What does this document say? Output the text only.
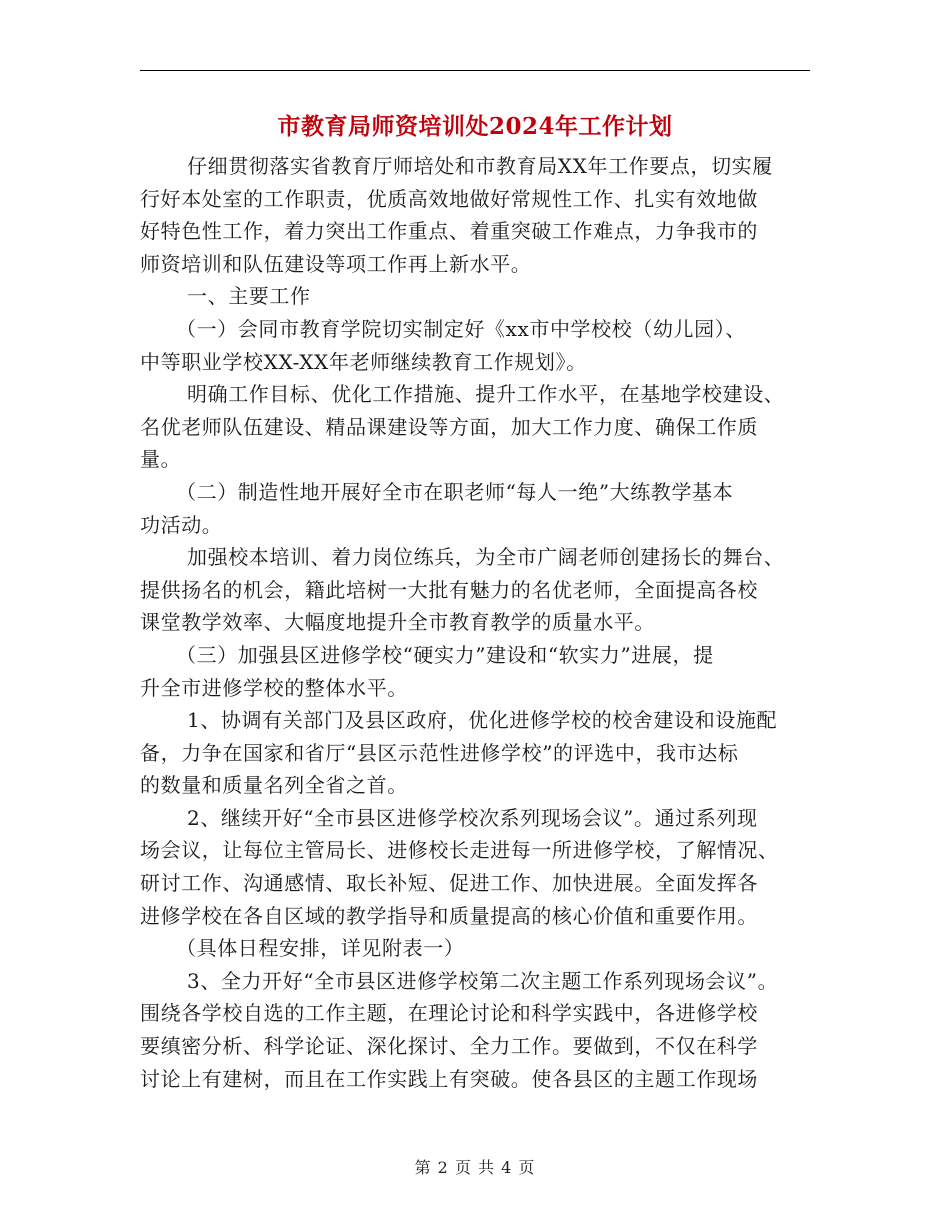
市教育局师资培训处2024年工作计划
仔细贯彻落实省教育厅师培处和市教育局XX年工作要点，切实履
行好本处室的工作职责，优质高效地做好常规性工作、扎实有效地做
好特色性工作，着力突出工作重点、着重突破工作难点，力争我市的
师资培训和队伍建设等项工作再上新水平。
一、主要工作
（一）会同市教育学院切实制定好《xx市中学校校（幼儿园）、
中等职业学校XX-XX年老师继续教育工作规划》。
明确工作目标、优化工作措施、提升工作水平，在基地学校建设、
名优老师队伍建设、精品课建设等方面，加大工作力度、确保工作质
量。
（二）制造性地开展好全市在职老师“每人一绝”大练教学基本
功活动。
加强校本培训、着力岗位练兵，为全市广阔老师创建扬长的舞台、
提供扬名的机会，籍此培树一大批有魅力的名优老师，全面提高各校
课堂教学效率、大幅度地提升全市教育教学的质量水平。
（三）加强县区进修学校“硬实力”建设和“软实力”进展，提
升全市进修学校的整体水平。
1、协调有关部门及县区政府，优化进修学校的校舍建设和设施配
备，力争在国家和省厅“县区示范性进修学校”的评选中，我市达标
的数量和质量名列全省之首。
2、继续开好“全市县区进修学校次系列现场会议”。通过系列现
场会议，让每位主管局长、进修校长走进每一所进修学校，了解情况、
研讨工作、沟通感情、取长补短、促进工作、加快进展。全面发挥各
进修学校在各自区域的教学指导和质量提高的核心价值和重要作用。
（具体日程安排，详见附表一）
3、全力开好“全市县区进修学校第二次主题工作系列现场会议”。
围绕各学校自选的工作主题，在理论讨论和科学实践中，各进修学校
要缜密分析、科学论证、深化探讨、全力工作。要做到，不仅在科学
讨论上有建树，而且在工作实践上有突破。使各县区的主题工作现场
第 2 页 共 4 页
